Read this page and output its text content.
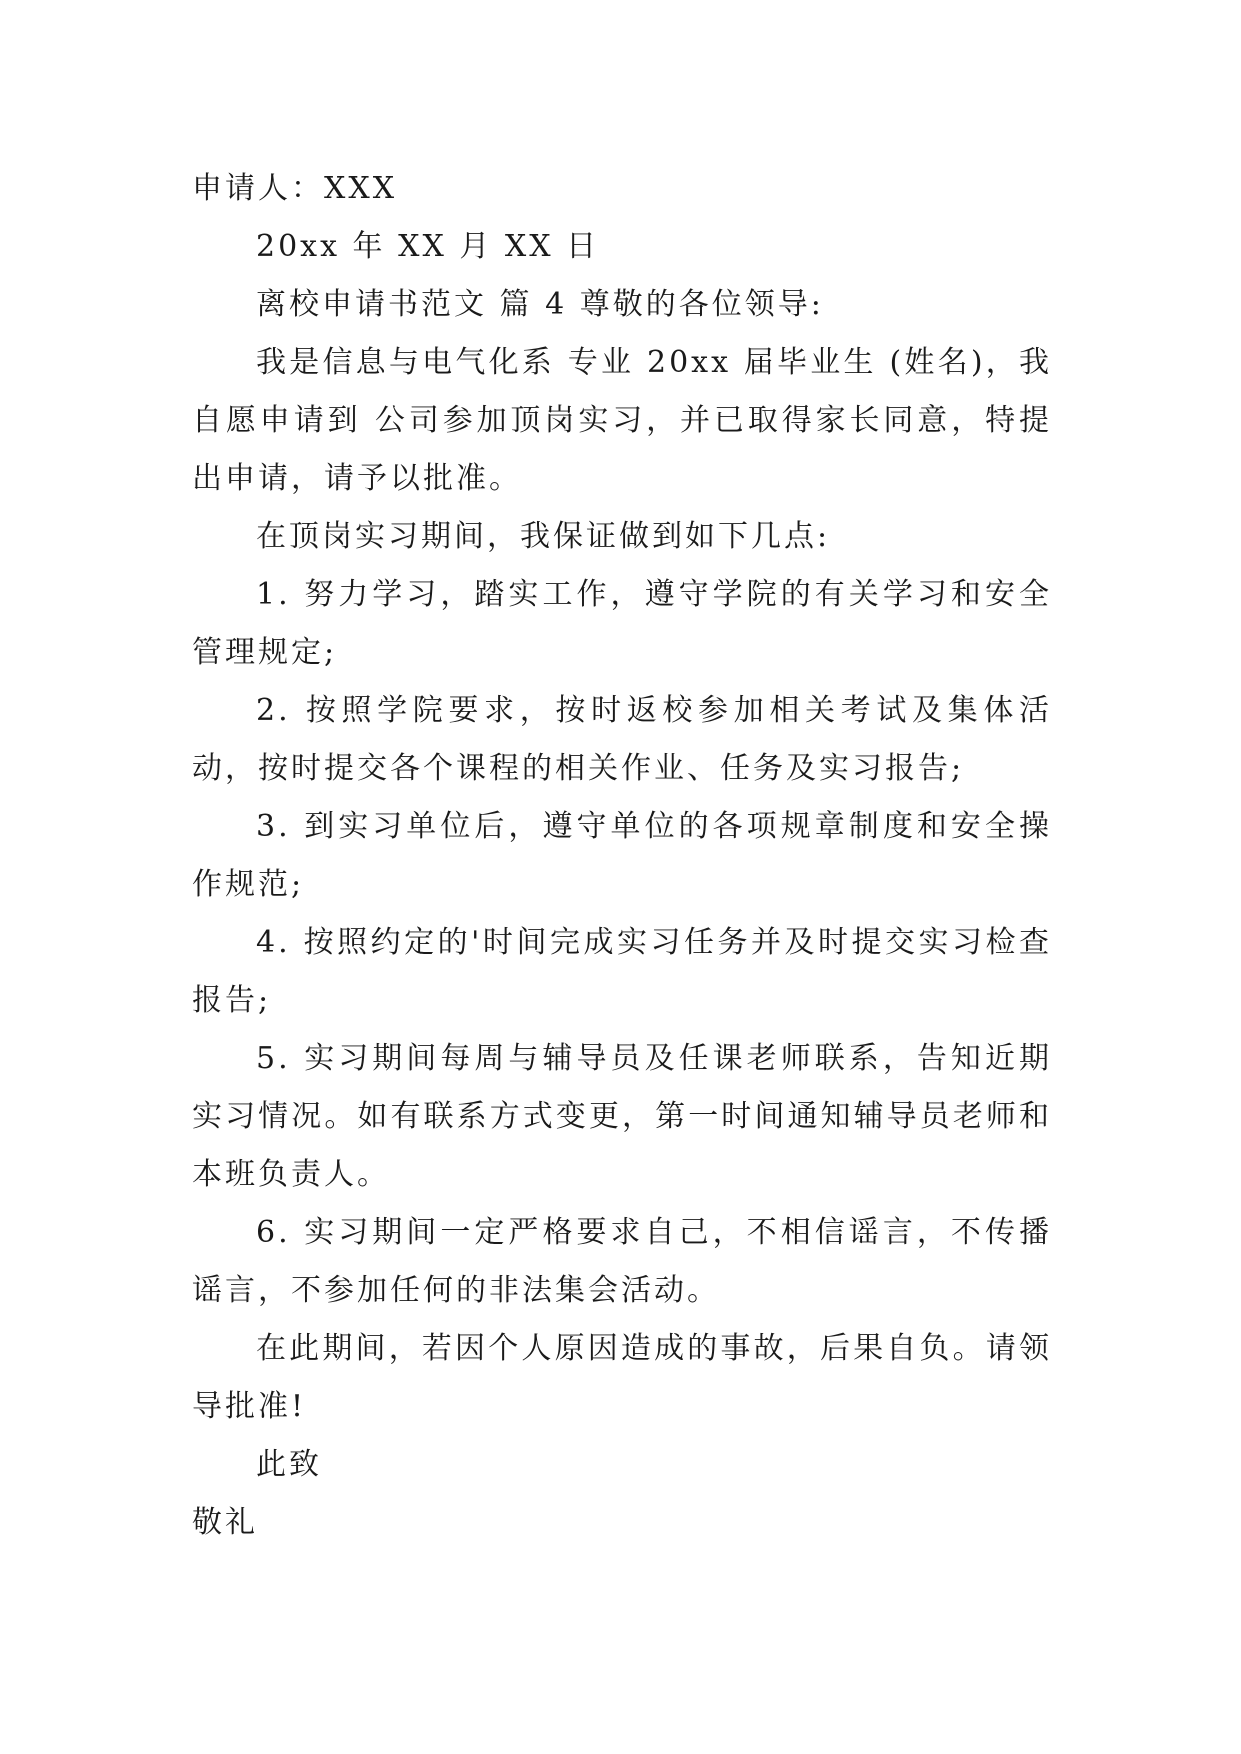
申请人：XXX

20xx 年 XX 月 XX 日

离校申请书范文 篇 4 尊敬的各位领导:

我是信息与电气化系 专业 20xx 届毕业生 (姓名)，我自愿申请到 公司参加顶岗实习，并已取得家长同意，特提出申请，请予以批准。

在顶岗实习期间，我保证做到如下几点:

1. 努力学习，踏实工作，遵守学院的有关学习和安全管理规定;

2. 按照学院要求，按时返校参加相关考试及集体活动，按时提交各个课程的相关作业、任务及实习报告;

3. 到实习单位后，遵守单位的各项规章制度和安全操作规范;

4. 按照约定的'时间完成实习任务并及时提交实习检查报告;

5. 实习期间每周与辅导员及任课老师联系，告知近期实习情况。如有联系方式变更，第一时间通知辅导员老师和本班负责人。

6. 实习期间一定严格要求自己，不相信谣言，不传播谣言，不参加任何的非法集会活动。

在此期间，若因个人原因造成的事故，后果自负。请领导批准!

此致

敬礼
